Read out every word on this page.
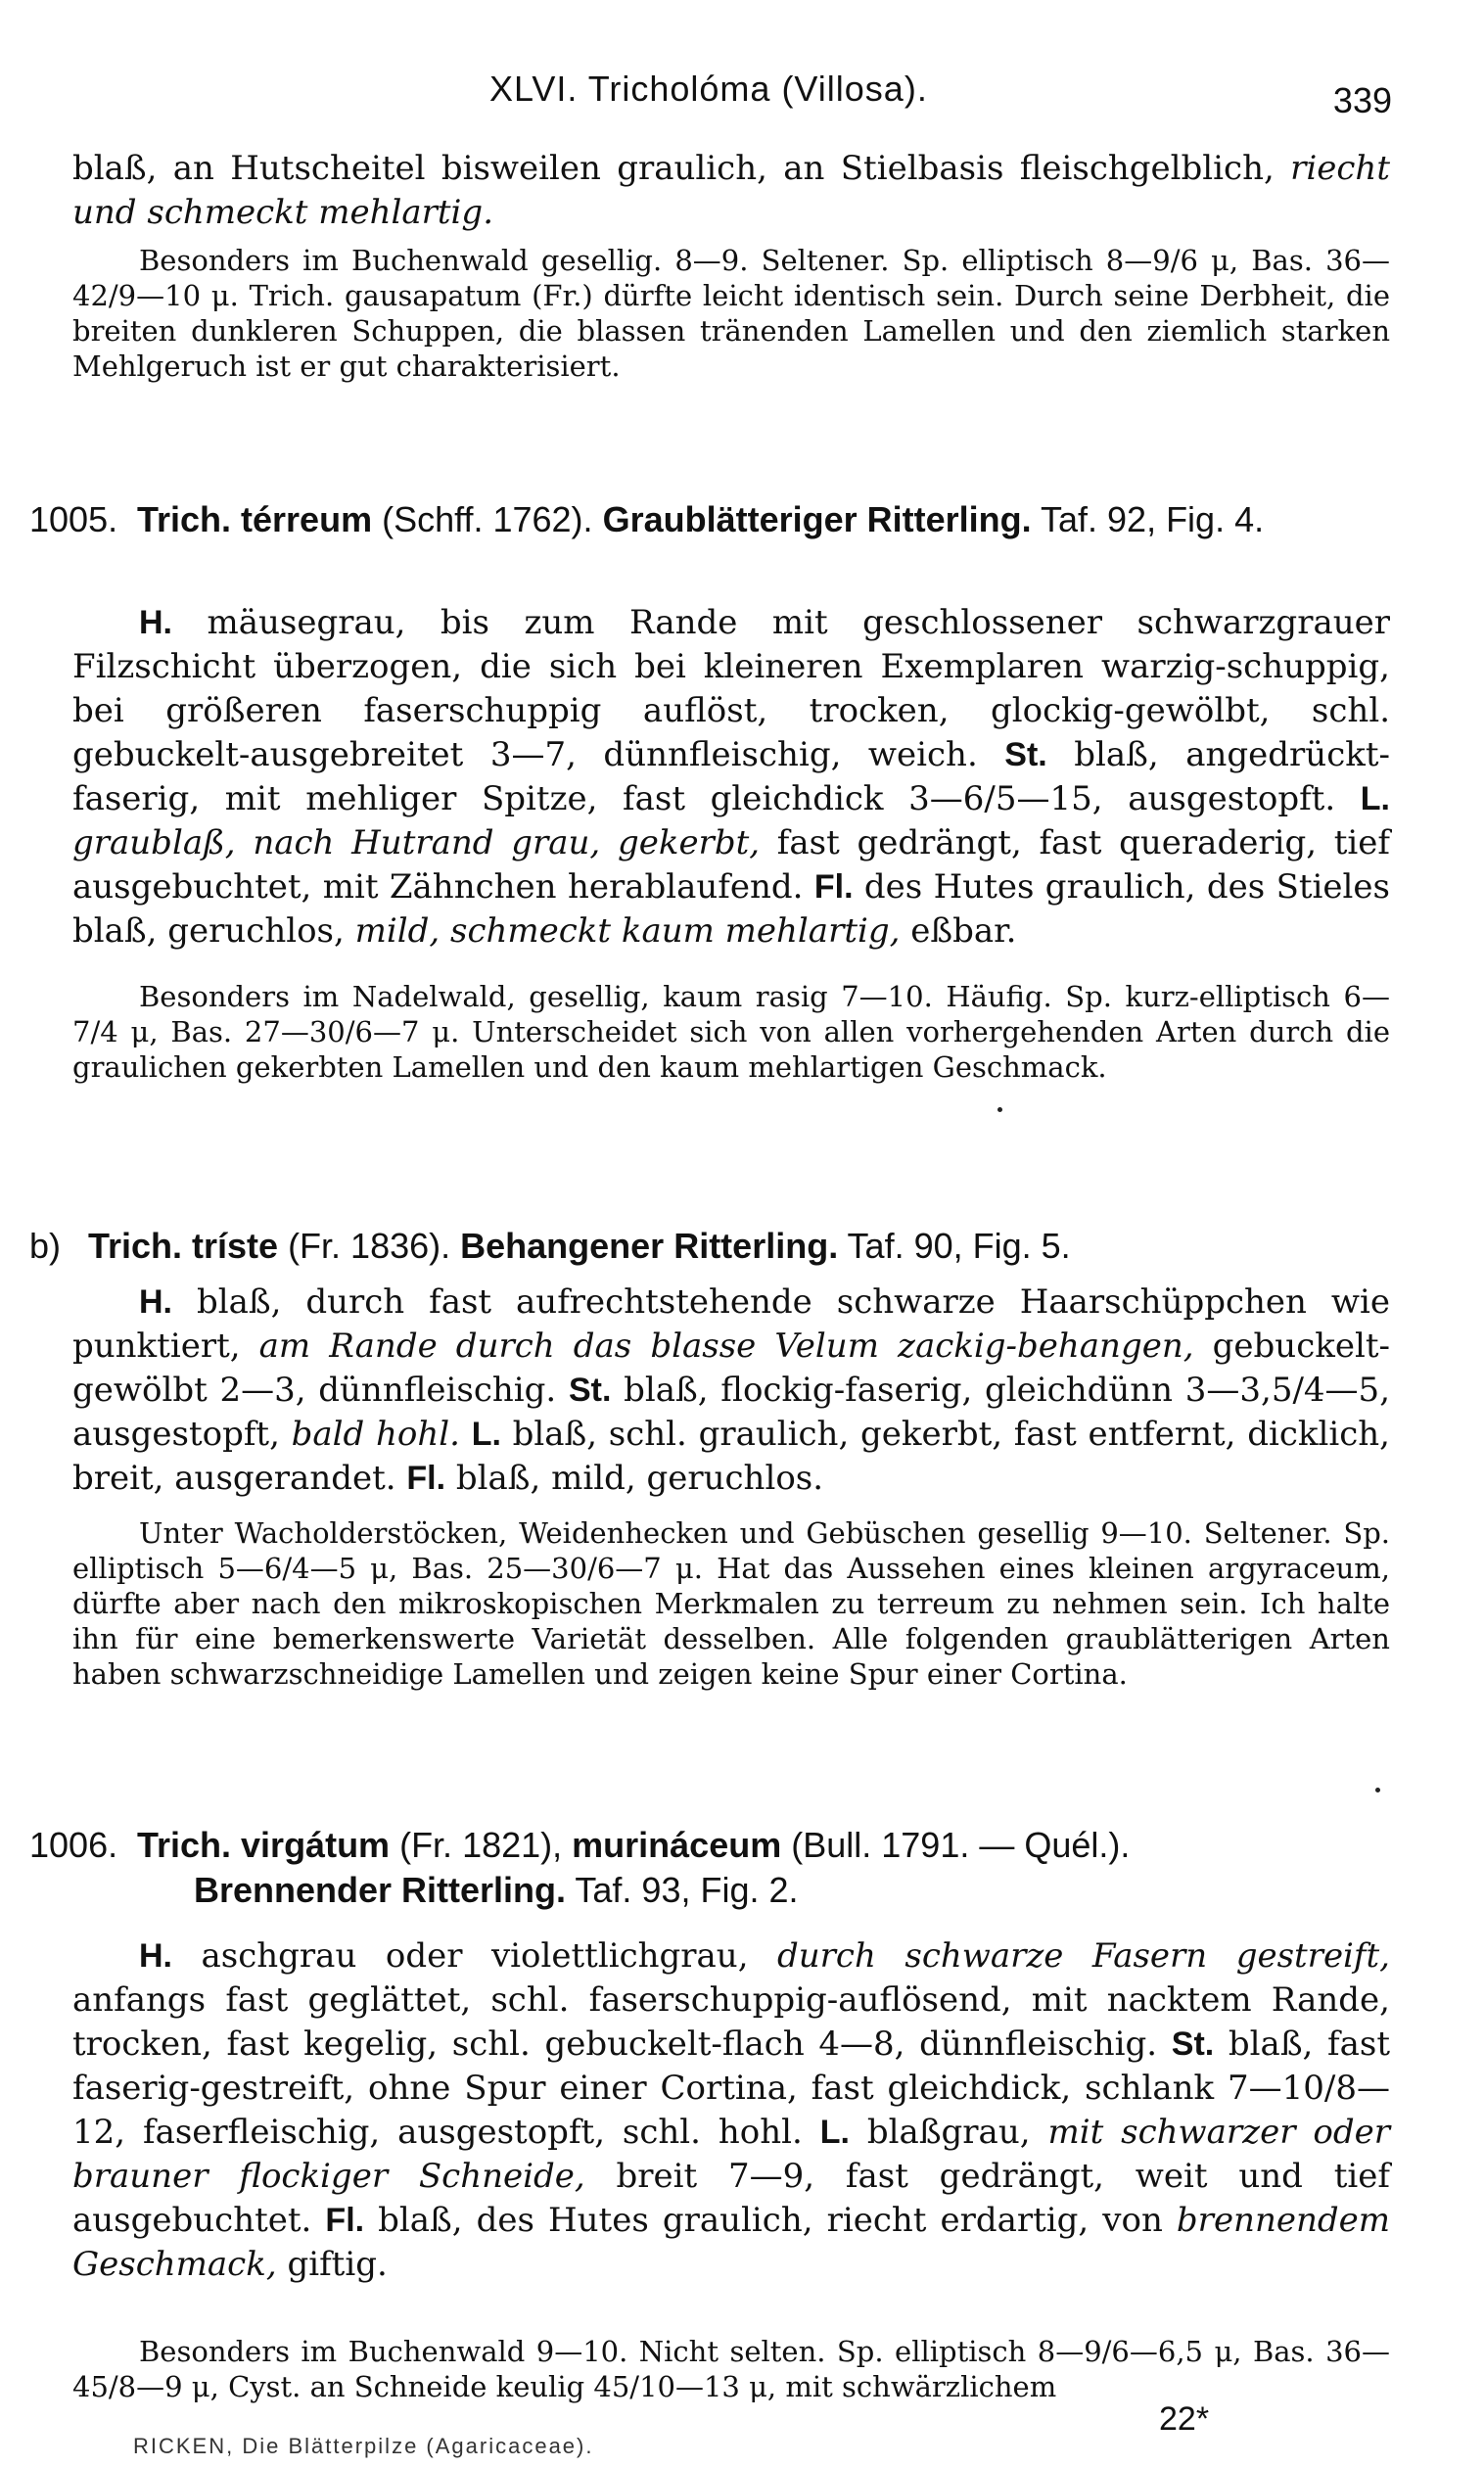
XLVI. Tricholóma (Villosa).	339
blaß, an Hutscheitel bisweilen graulich, an Stielbasis fleischgelblich, riecht und schmeckt mehlartig.
Besonders im Buchenwald gesellig. 8—9. Seltener. Sp. elliptisch 8—9/6 μ, Bas. 36—42/9—10 μ. Trich. gausapatum (Fr.) dürfte leicht identisch sein. Durch seine Derbheit, die breiten dunkleren Schuppen, die blassen tränenden Lamellen und den ziemlich starken Mehlgeruch ist er gut charakterisiert.
1005. Trich. térreum (Schff. 1762). Graublätteriger Ritterling. Taf. 92, Fig. 4.
H. mäusegrau, bis zum Rande mit geschlossener schwarzgrauer Filzschicht überzogen, die sich bei kleineren Exemplaren warzig-schuppig, bei größeren faserschuppig auflöst, trocken, glockig-gewölbt, schl. gebuckelt-ausgebreitet 3—7, dünnfleischig, weich. St. blaß, angedrückt-faserig, mit mehliger Spitze, fast gleichdick 3—6/5—15, ausgestopft. L. graublaß, nach Hutrand grau, gekerbt, fast gedrängt, fast queraderig, tief ausgebuchtet, mit Zähnchen herablaufend. Fl. des Hutes graulich, des Stieles blaß, geruchlos, mild, schmeckt kaum mehlartig, eßbar.
Besonders im Nadelwald, gesellig, kaum rasig 7—10. Häufig. Sp. kurz-elliptisch 6—7/4 μ, Bas. 27—30/6—7 μ. Unterscheidet sich von allen vorhergehenden Arten durch die graulichen gekerbten Lamellen und den kaum mehlartigen Geschmack.
b) Trich. tríste (Fr. 1836). Behangener Ritterling. Taf. 90, Fig. 5.
H. blaß, durch fast aufrechtstehende schwarze Haarschüppchen wie punktiert, am Rande durch das blasse Velum zackig-behangen, gebuckelt-gewölbt 2—3, dünnfleischig. St. blaß, flockig-faserig, gleichdünn 3—3,5/4—5, ausgestopft, bald hohl. L. blaß, schl. graulich, gekerbt, fast entfernt, dicklich, breit, ausgerandet. Fl. blaß, mild, geruchlos.
Unter Wacholderstöcken, Weidenhecken und Gebüschen gesellig 9—10. Seltener. Sp. elliptisch 5—6/4—5 μ, Bas. 25—30/6—7 μ. Hat das Aussehen eines kleinen argyraceum, dürfte aber nach den mikroskopischen Merkmalen zu terreum zu nehmen sein. Ich halte ihn für eine bemerkenswerte Varietät desselben. Alle folgenden graublätterigen Arten haben schwarzschneidige Lamellen und zeigen keine Spur einer Cortina.
1006. Trich. virgátum (Fr. 1821), murináceum (Bull. 1791. — Quél.).
Brennender Ritterling. Taf. 93, Fig. 2.
H. aschgrau oder violettlichgrau, durch schwarze Fasern gestreift, anfangs fast geglättet, schl. faserschuppig-auflösend, mit nacktem Rande, trocken, fast kegelig, schl. gebuckelt-flach 4—8, dünnfleischig. St. blaß, fast faserig-gestreift, ohne Spur einer Cortina, fast gleichdick, schlank 7—10/8—12, faserfleischig, ausgestopft, schl. hohl. L. blaßgrau, mit schwarzer oder brauner flockiger Schneide, breit 7—9, fast gedrängt, weit und tief ausgebuchtet. Fl. blaß, des Hutes graulich, riecht erdartig, von brennendem Geschmack, giftig.
Besonders im Buchenwald 9—10. Nicht selten. Sp. elliptisch 8—9/6—6,5 μ, Bas. 36—45/8—9 μ, Cyst. an Schneide keulig 45/10—13 μ, mit schwärzlichem
RICKEN, Die Blätterpilze (Agaricaceae).
22*
